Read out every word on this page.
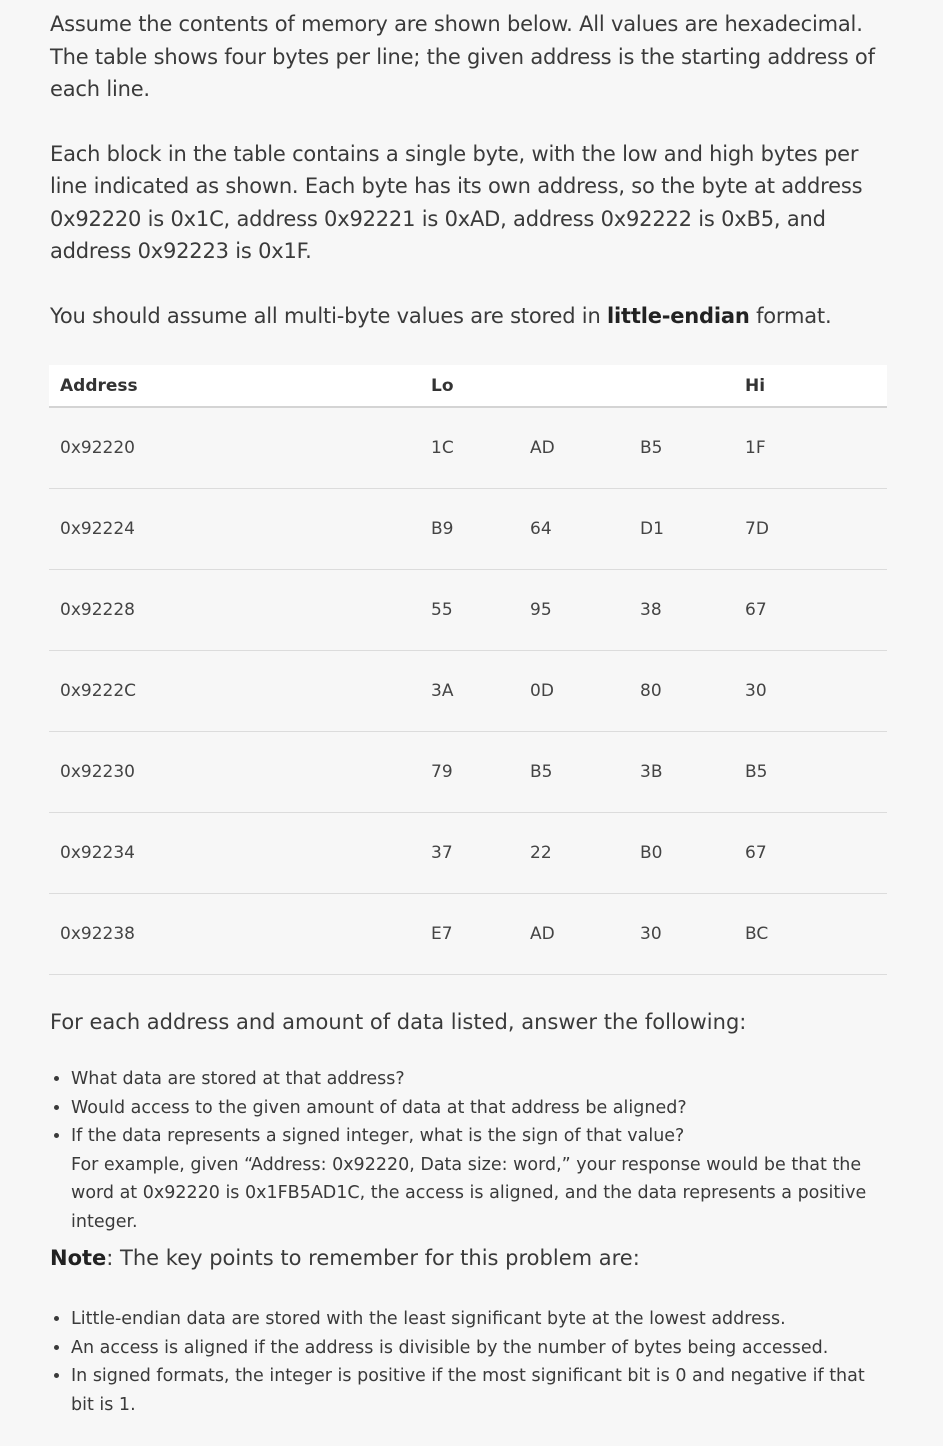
Assume the contents of memory are shown below. All values are hexadecimal. The table shows four bytes per line; the given address is the starting address of each line.

Each block in the table contains a single byte, with the low and high bytes per line indicated as shown. Each byte has its own address, so the byte at address 0x92220 is 0x1C, address 0x92221 is 0xAD, address 0x92222 is 0xB5, and address 0x92223 is 0x1F.

You should assume all multi-byte values are stored in little-endian format.

Address	Lo			Hi
0x92220	1C	AD	B5	1F
0x92224	B9	64	D1	7D
0x92228	55	95	38	67
0x9222C	3A	0D	80	30
0x92230	79	B5	3B	B5
0x92234	37	22	B0	67
0x92238	E7	AD	30	BC

For each address and amount of data listed, answer the following:

• What data are stored at that address?
• Would access to the given amount of data at that address be aligned?
• If the data represents a signed integer, what is the sign of that value?
For example, given “Address: 0x92220, Data size: word,” your response would be that the word at 0x92220 is 0x1FB5AD1C, the access is aligned, and the data represents a positive integer.

Note: The key points to remember for this problem are:

• Little-endian data are stored with the least significant byte at the lowest address.
• An access is aligned if the address is divisible by the number of bytes being accessed.
• In signed formats, the integer is positive if the most significant bit is 0 and negative if that bit is 1.
